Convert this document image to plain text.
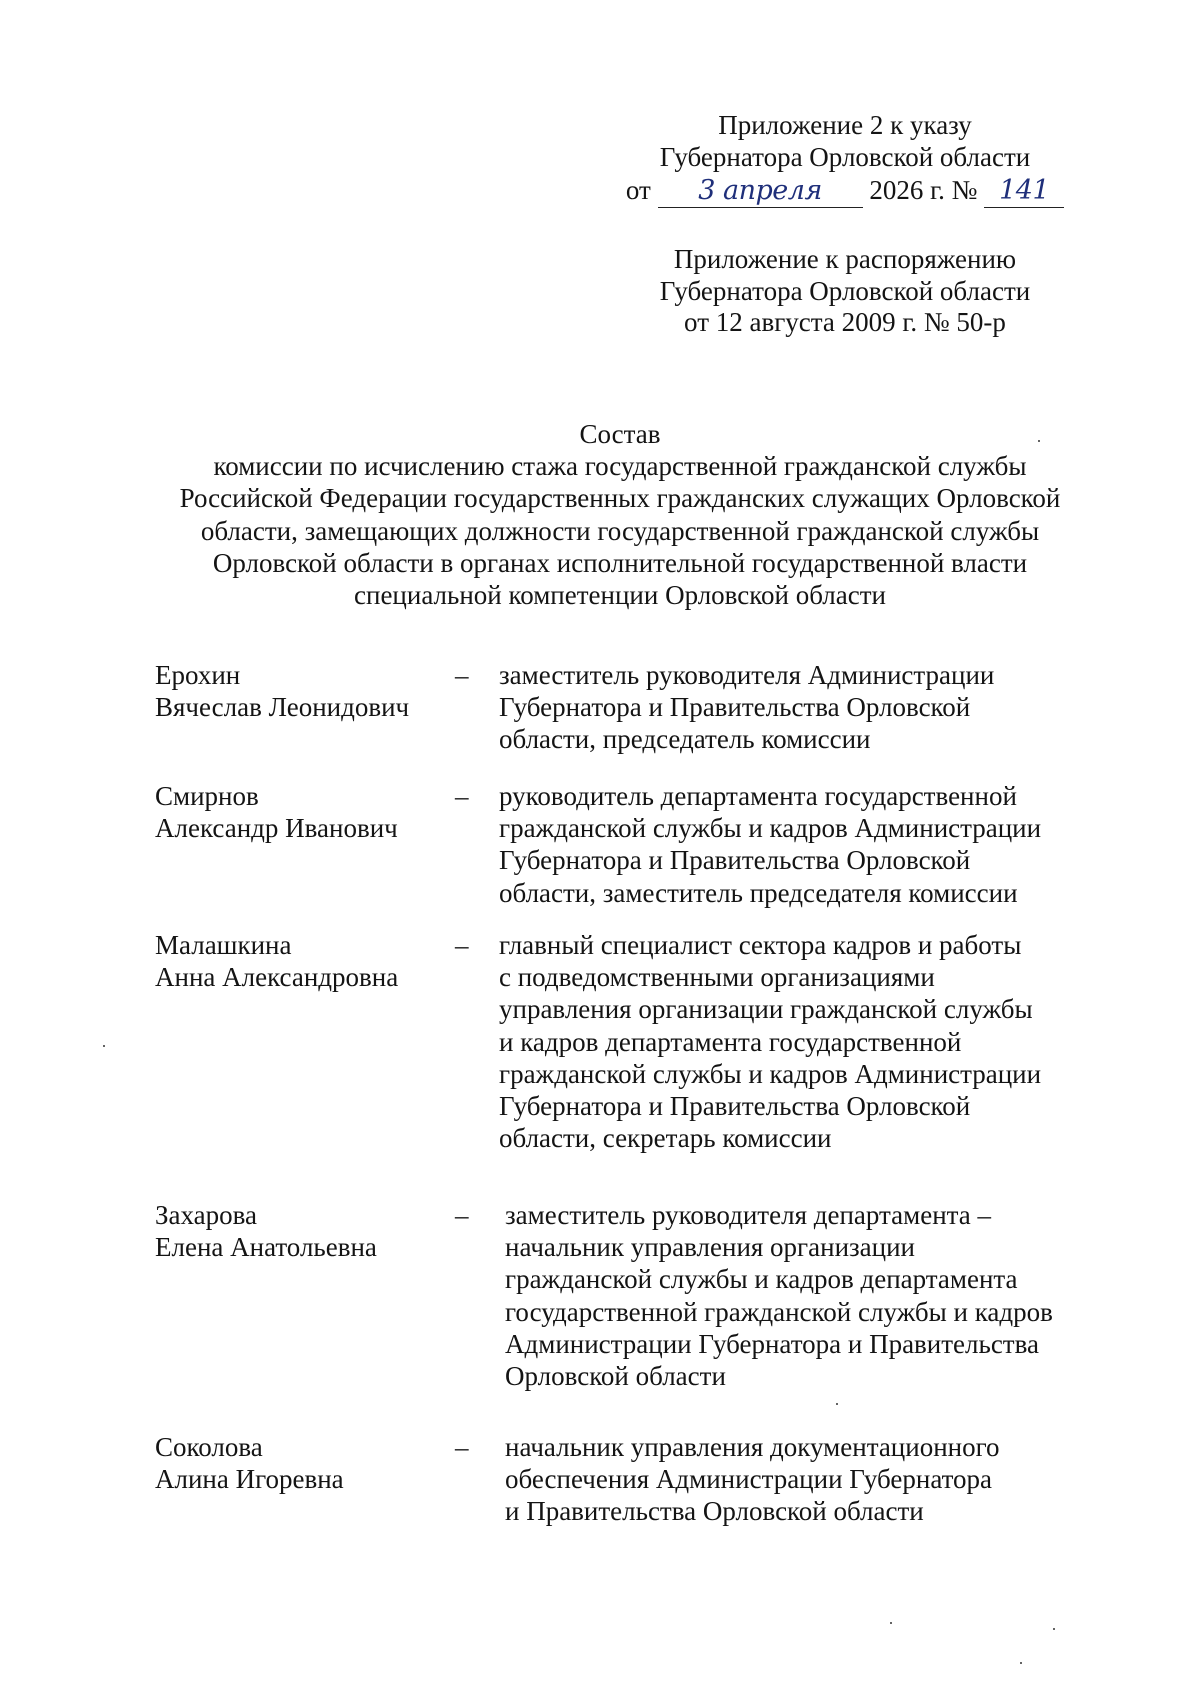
Приложение 2 к указу
Губернатора Орловской области
от 3 апреля 2026 г. № 141
Приложение к распоряжению
Губернатора Орловской области
от 12 августа 2009 г. № 50-р
Состав
комиссии по исчислению стажа государственной гражданской службы
Российской Федерации государственных гражданских служащих Орловской
области, замещающих должности государственной гражданской службы
Орловской области в органах исполнительной государственной власти
специальной компетенции Орловской области
Ерохин
Вячеслав Леонидович
– заместитель руководителя Администрации
Губернатора и Правительства Орловской
области, председатель комиссии
Смирнов
Александр Иванович
– руководитель департамента государственной
гражданской службы и кадров Администрации
Губернатора и Правительства Орловской
области, заместитель председателя комиссии
Малашкина
Анна Александровна
– главный специалист сектора кадров и работы
с подведомственными организациями
управления организации гражданской службы
и кадров департамента государственной
гражданской службы и кадров Администрации
Губернатора и Правительства Орловской
области, секретарь комиссии
Захарова
Елена Анатольевна
– заместитель руководителя департамента –
начальник управления организации
гражданской службы и кадров департамента
государственной гражданской службы и кадров
Администрации Губернатора и Правительства
Орловской области
Соколова
Алина Игоревна
– начальник управления документационного
обеспечения Администрации Губернатора
и Правительства Орловской области
